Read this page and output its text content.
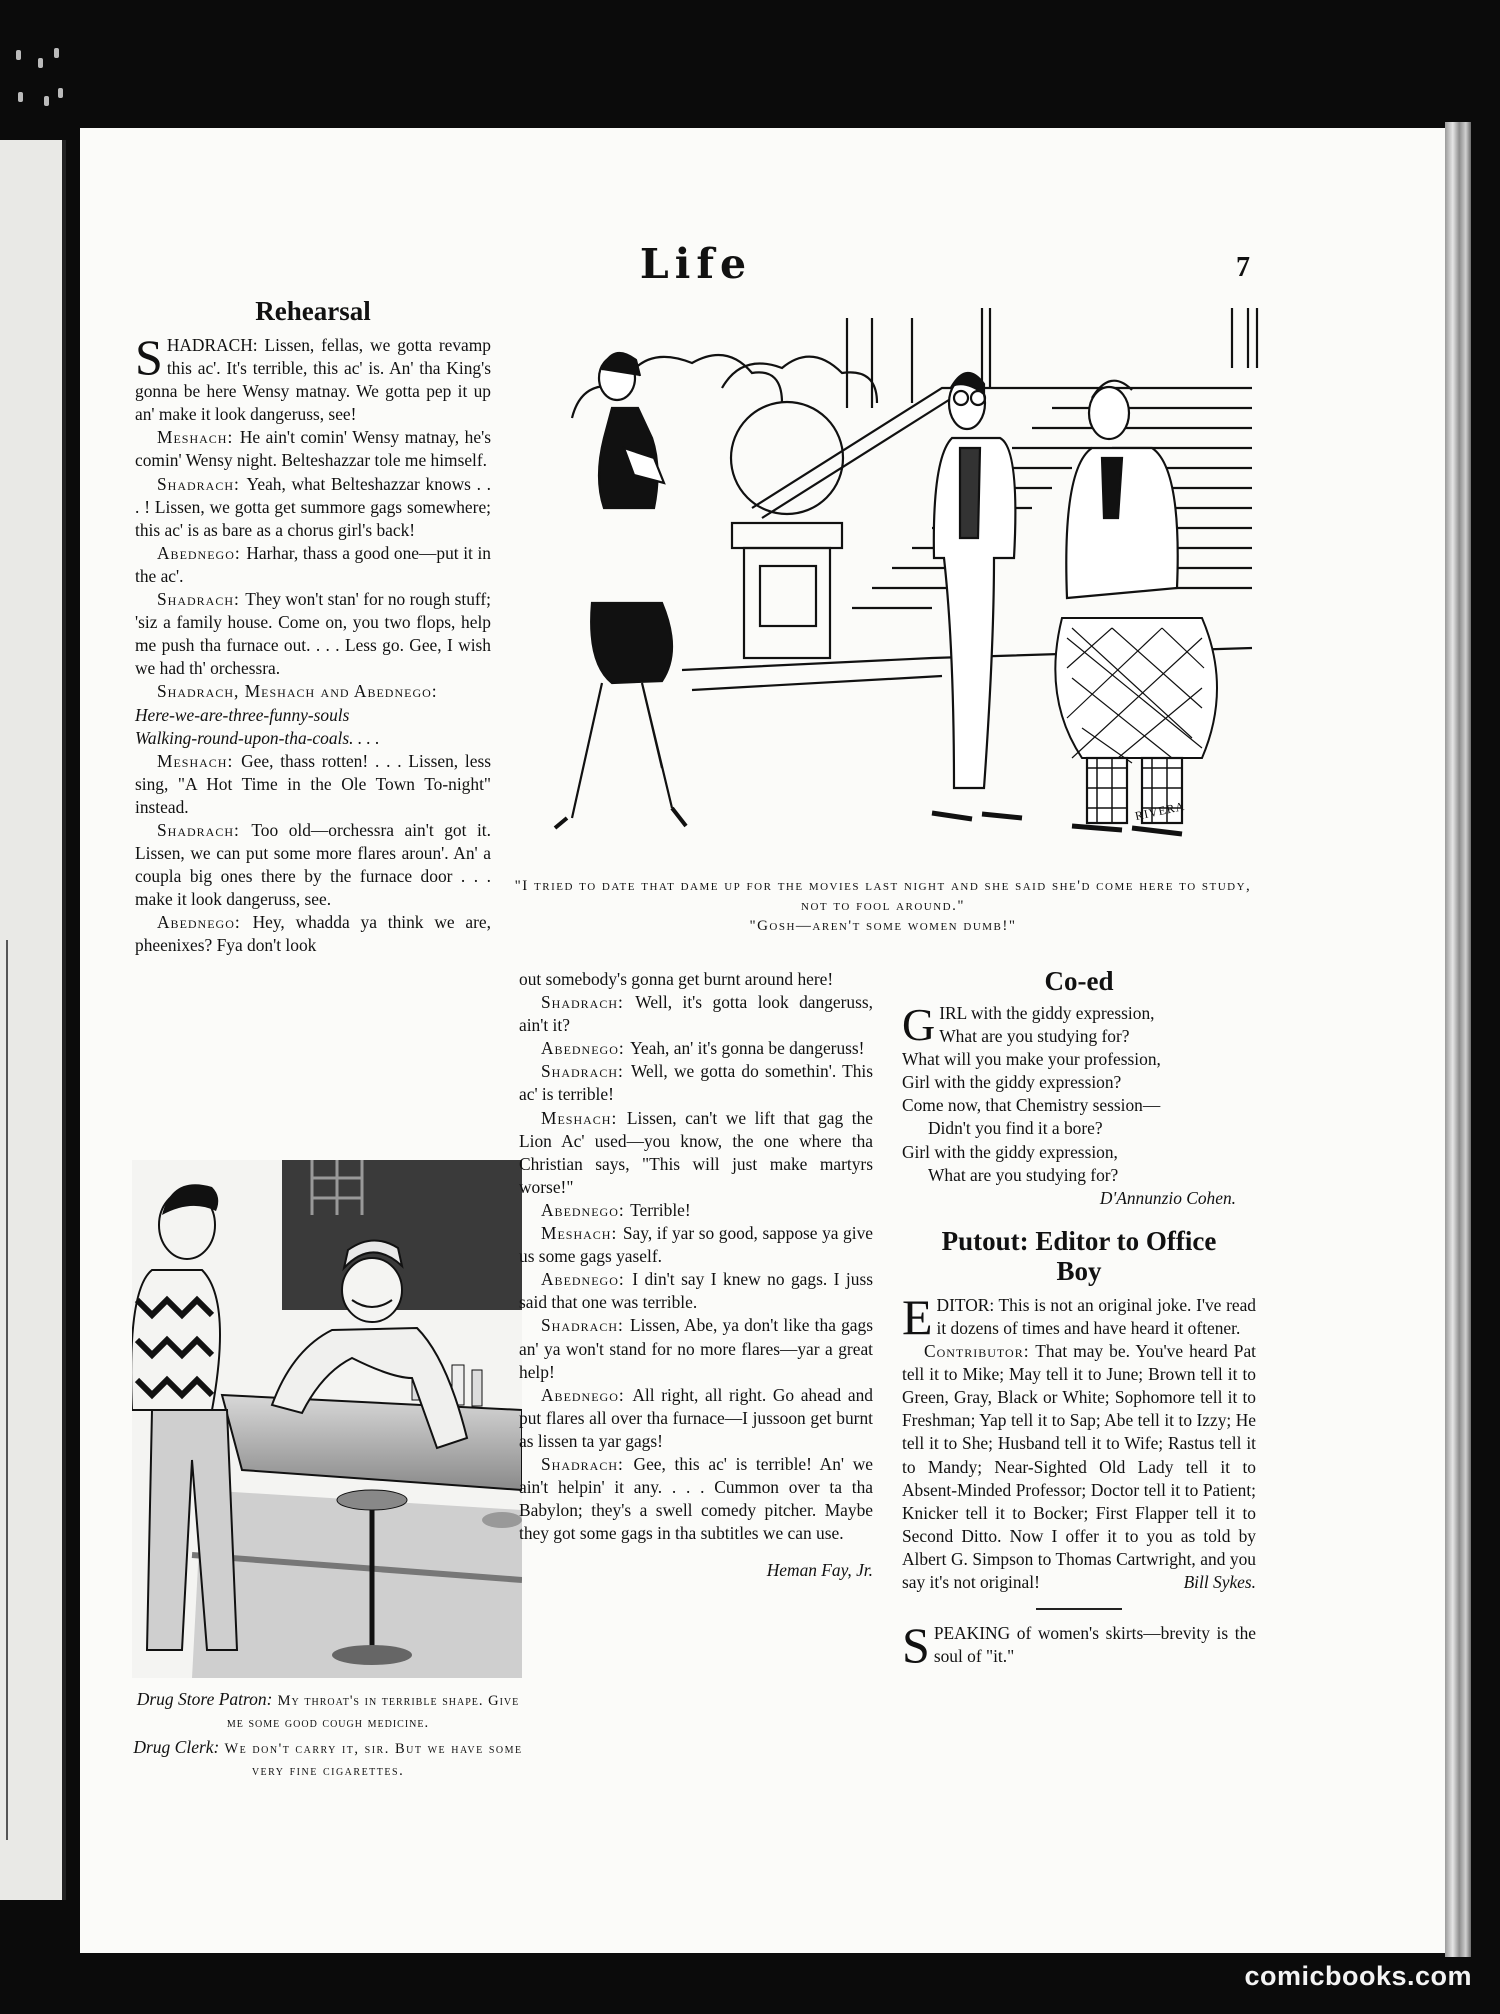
Life	7
Rehearsal

SHADRACH: Lissen, fellas, we gotta revamp this ac'. It's terrible, this ac' is. An' tha King's gonna be here Wensy matnay. We gotta pep it up an' make it look dangeruss, see!

Meshach: He ain't comin' Wensy matnay, he's comin' Wensy night. Belteshazzar tole me himself.

Shadrach: Yeah, what Belteshazzar knows . . . ! Lissen, we gotta get summore gags somewhere; this ac' is as bare as a chorus girl's back!

Abednego: Harhar, thass a good one—put it in the ac'.

Shadrach: They won't stan' for no rough stuff; 'siz a family house. Come on, you two flops, help me push tha furnace out. . . . Less go. Gee, I wish we had th' orchessra.

Shadrach, Meshach and Abednego:

Here-we-are-three-funny-souls

Walking-round-upon-tha-coals. . . .

Meshach: Gee, thass rotten! . . . Lissen, less sing, "A Hot Time in the Ole Town To-night" instead.

Shadrach: Too old—orchessra ain't got it. Lissen, we can put some more flares aroun'. An' a coupla big ones there by the furnace door . . . make it look dangeruss, see.

Abednego: Hey, whadda ya think we are, pheenixes? Fya don't look

RIVERA
"I tried to date that dame up for the movies last night and she said she'd come here to study, not to fool around."
"Gosh—aren't some women dumb!"
Drug Store Patron: My throat's in terrible shape. Give me some good cough medicine.
Drug Clerk: We don't carry it, sir. But we have some very fine cigarettes.

out somebody's gonna get burnt around here!

Shadrach: Well, it's gotta look dangeruss, ain't it?

Abednego: Yeah, an' it's gonna be dangeruss!

Shadrach: Well, we gotta do somethin'. This ac' is terrible!

Meshach: Lissen, can't we lift that gag the Lion Ac' used—you know, the one where tha Christian says, "This will just make martyrs worse!"

Abednego: Terrible!

Meshach: Say, if yar so good, sappose ya give us some gags yaself.

Abednego: I din't say I knew no gags. I juss said that one was terrible.

Shadrach: Lissen, Abe, ya don't like tha gags an' ya won't stand for no more flares—yar a great help!

Abednego: All right, all right. Go ahead and put flares all over tha furnace—I jussoon get burnt as lissen ta yar gags!

Shadrach: Gee, this ac' is terrible! An' we ain't helpin' it any. . . . Cummon over ta tha Babylon; they's a swell comedy pitcher. Maybe they got some gags in tha subtitles we can use.

Heman Fay, Jr.

Co-ed

GIRL with the giddy expression,

What are you studying for?

What will you make your profession,

Girl with the giddy expression?

Come now, that Chemistry session—

Didn't you find it a bore?

Girl with the giddy expression,

What are you studying for?

D'Annunzio Cohen.

Putout: Editor to Office Boy

EDITOR: This is not an original joke. I've read it dozens of times and have heard it oftener.

Contributor: That may be. You've heard Pat tell it to Mike; May tell it to June; Brown tell it to Green, Gray, Black or White; Sophomore tell it to Freshman; Yap tell it to Sap; Abe tell it to Izzy; He tell it to She; Husband tell it to Wife; Rastus tell it to Mandy; Near-Sighted Old Lady tell it to Absent-Minded Professor; Doctor tell it to Patient; Knicker tell it to Bocker; First Flapper tell it to Second Ditto. Now I offer it to you as told by Albert G. Simpson to Thomas Cartwright, and you say it's not original!	Bill Sykes.

SPEAKING of women's skirts—brevity is the soul of "it."

comicbooks.com
